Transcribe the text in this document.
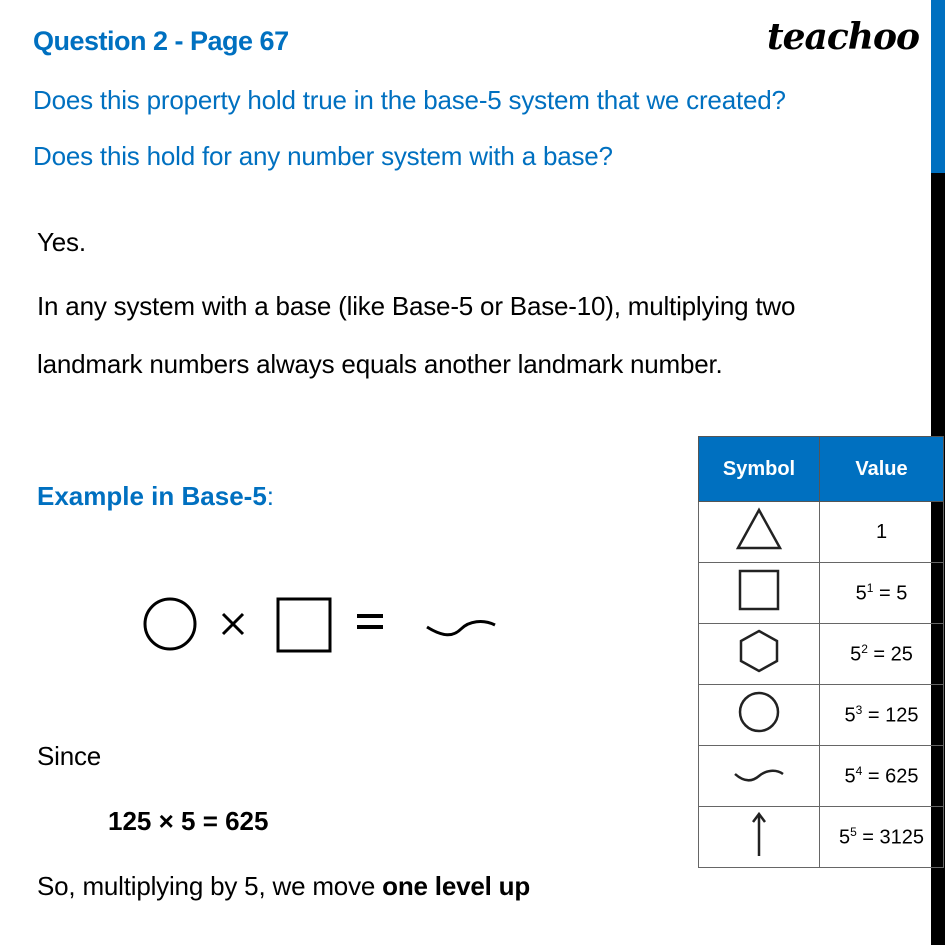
Question 2 - Page 67	teachoo
Does this property hold true in the base-5 system that we created?
Does this hold for any number system with a base?
Yes.
In any system with a base (like Base-5 or Base-10), multiplying two
landmark numbers always equals another landmark number.
Example in Base-5:
Since
125 × 5 = 625
So, multiplying by 5, we move one level up
Symbol	Value
	1
	$5^1 = 5$
	$5^2 = 25$
	$5^3 = 125$
	$5^4 = 625$
	$5^5 = 3125$
